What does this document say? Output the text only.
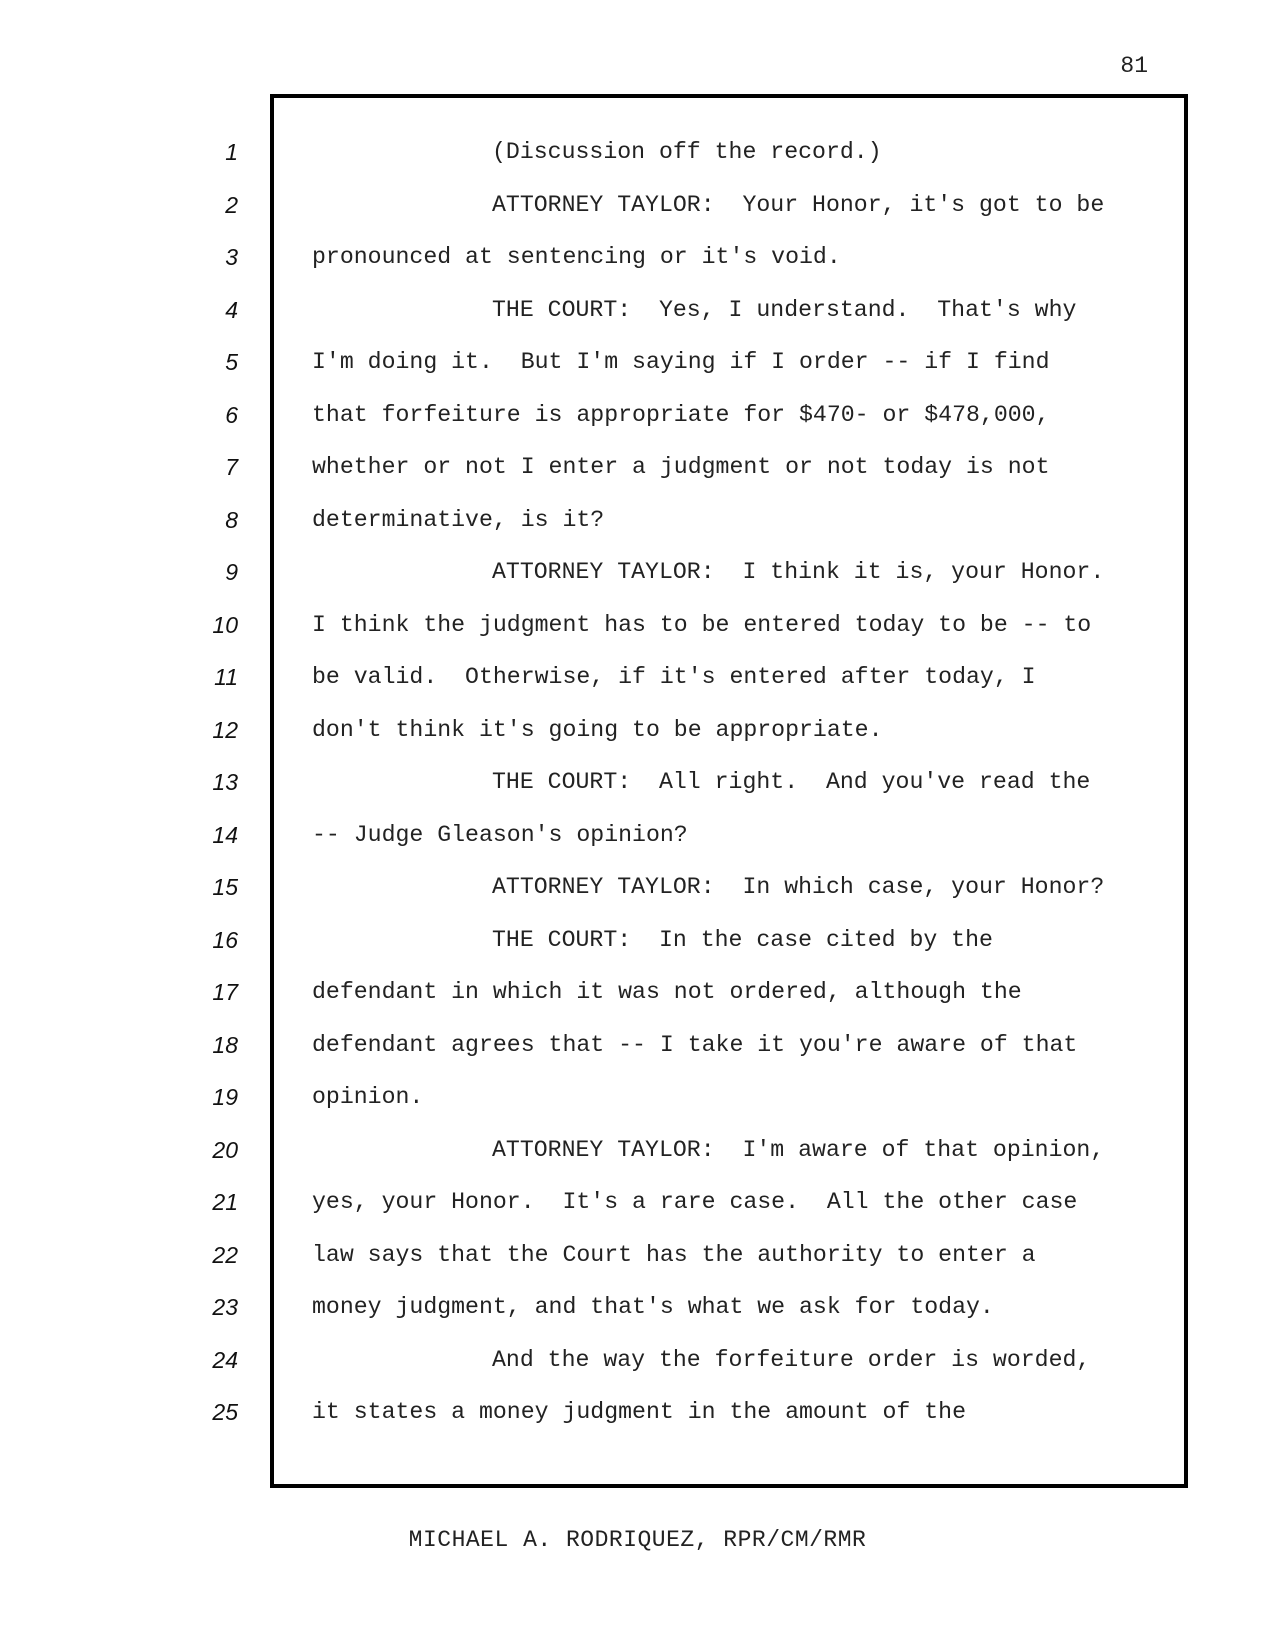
81
1
2
3
4
5
6
7
8
9
10
11
12
13
14
15
16
17
18
19
20
21
22
23
24
25
(Discussion off the record.)
ATTORNEY TAYLOR:  Your Honor, it's got to be
pronounced at sentencing or it's void.
THE COURT:  Yes, I understand.  That's why
I'm doing it.  But I'm saying if I order -- if I find
that forfeiture is appropriate for $470- or $478,000,
whether or not I enter a judgment or not today is not
determinative, is it?
ATTORNEY TAYLOR:  I think it is, your Honor.
I think the judgment has to be entered today to be -- to
be valid.  Otherwise, if it's entered after today, I
don't think it's going to be appropriate.
THE COURT:  All right.  And you've read the
-- Judge Gleason's opinion?
ATTORNEY TAYLOR:  In which case, your Honor?
THE COURT:  In the case cited by the
defendant in which it was not ordered, although the
defendant agrees that -- I take it you're aware of that
opinion.
ATTORNEY TAYLOR:  I'm aware of that opinion,
yes, your Honor.  It's a rare case.  All the other case
law says that the Court has the authority to enter a
money judgment, and that's what we ask for today.
And the way the forfeiture order is worded,
it states a money judgment in the amount of the
MICHAEL A. RODRIQUEZ, RPR/CM/RMR
